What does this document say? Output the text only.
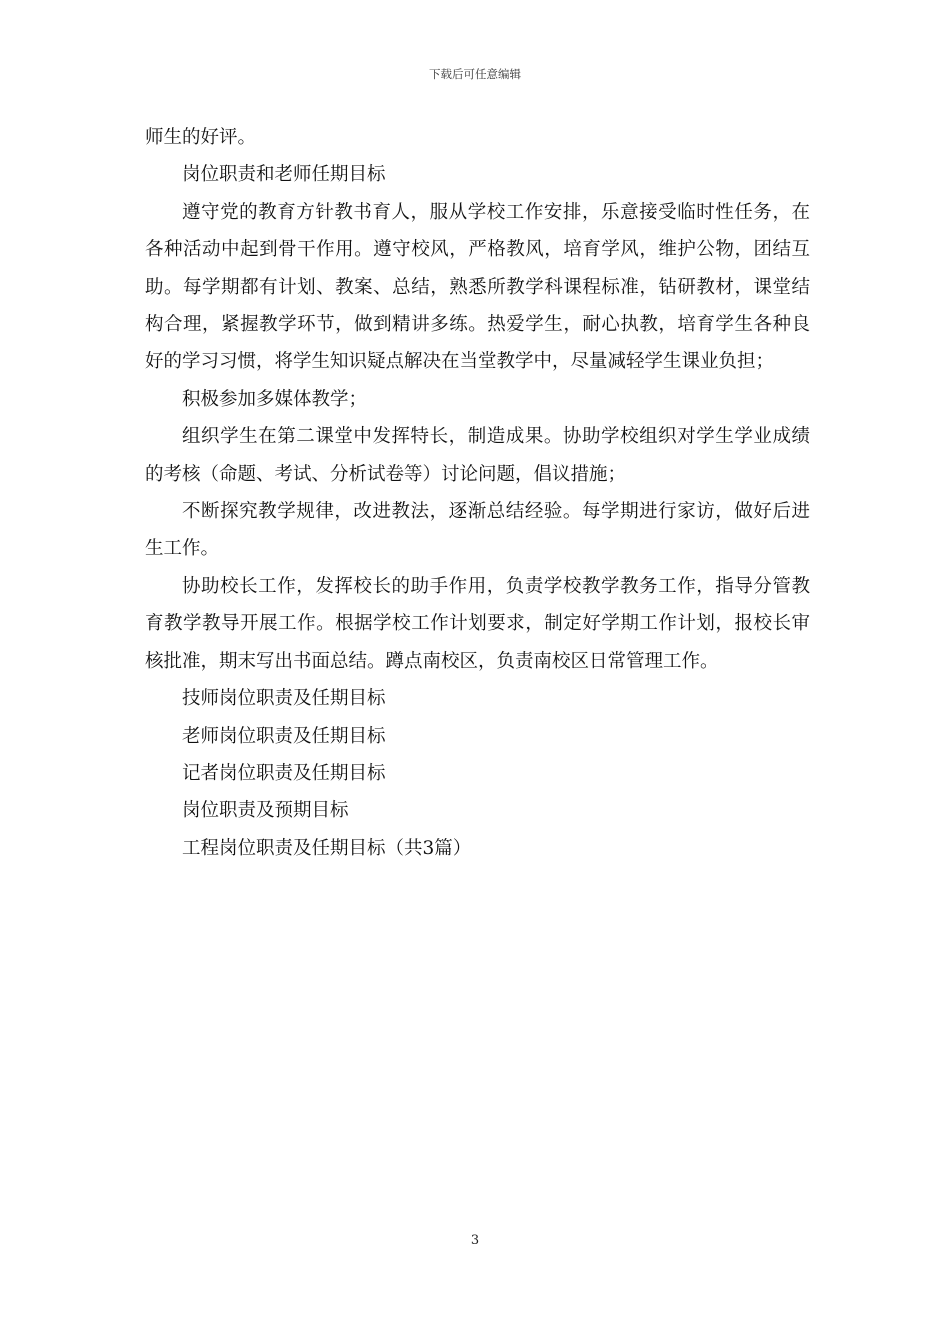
下载后可任意编辑

师生的好评。

岗位职责和老师任期目标

遵守党的教育方针教书育人，服从学校工作安排，乐意接受临时性任务，在各种活动中起到骨干作用。遵守校风，严格教风，培育学风，维护公物，团结互助。每学期都有计划、教案、总结，熟悉所教学科课程标准，钻研教材，课堂结构合理，紧握教学环节，做到精讲多练。热爱学生，耐心执教，培育学生各种良好的学习习惯，将学生知识疑点解决在当堂教学中，尽量减轻学生课业负担；

积极参加多媒体教学；

组织学生在第二课堂中发挥特长，制造成果。协助学校组织对学生学业成绩的考核（命题、考试、分析试卷等）讨论问题，倡议措施；

不断探究教学规律，改进教法，逐渐总结经验。每学期进行家访，做好后进生工作。

协助校长工作，发挥校长的助手作用，负责学校教学教务工作，指导分管教育教学教导开展工作。根据学校工作计划要求，制定好学期工作计划，报校长审核批准，期末写出书面总结。蹲点南校区，负责南校区日常管理工作。

技师岗位职责及任期目标

老师岗位职责及任期目标

记者岗位职责及任期目标

岗位职责及预期目标

工程岗位职责及任期目标（共3篇）

3
